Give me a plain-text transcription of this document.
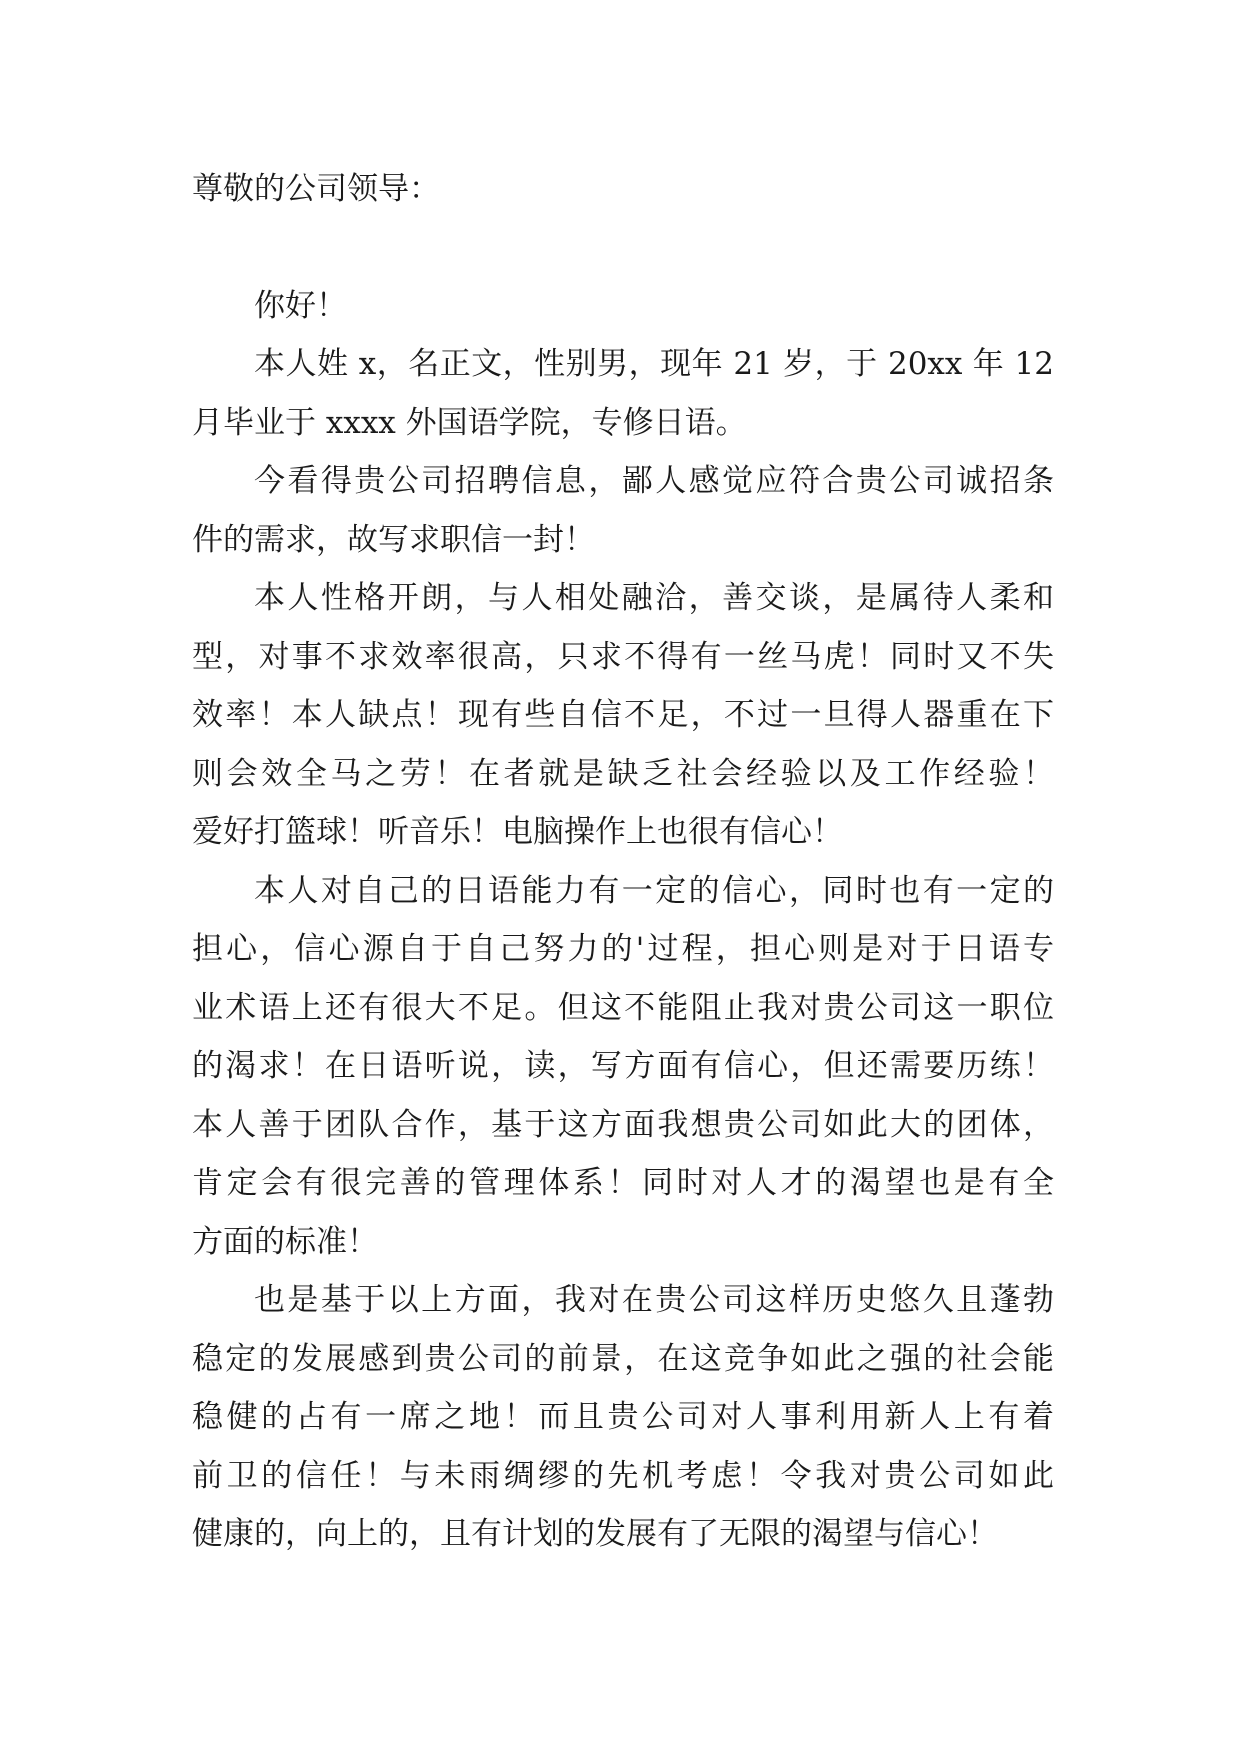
尊敬的公司领导：
你好！
本人姓 x，名正文，性别男，现年 21 岁，于 20xx 年 12
月毕业于 xxxx 外国语学院，专修日语。
今看得贵公司招聘信息，鄙人感觉应符合贵公司诚招条
件的需求，故写求职信一封！
本人性格开朗，与人相处融洽，善交谈，是属待人柔和
型，对事不求效率很高，只求不得有一丝马虎！同时又不失
效率！本人缺点！现有些自信不足，不过一旦得人器重在下
则会效全马之劳！在者就是缺乏社会经验以及工作经验！
爱好打篮球！听音乐！电脑操作上也很有信心！
本人对自己的日语能力有一定的信心，同时也有一定的
担心，信心源自于自己努力的'过程，担心则是对于日语专
业术语上还有很大不足。但这不能阻止我对贵公司这一职位
的渴求！在日语听说，读，写方面有信心，但还需要历练！
本人善于团队合作，基于这方面我想贵公司如此大的团体，
肯定会有很完善的管理体系！同时对人才的渴望也是有全
方面的标准！
也是基于以上方面，我对在贵公司这样历史悠久且蓬勃
稳定的发展感到贵公司的前景，在这竞争如此之强的社会能
稳健的占有一席之地！而且贵公司对人事利用新人上有着
前卫的信任！与未雨绸缪的先机考虑！令我对贵公司如此
健康的，向上的，且有计划的发展有了无限的渴望与信心！
